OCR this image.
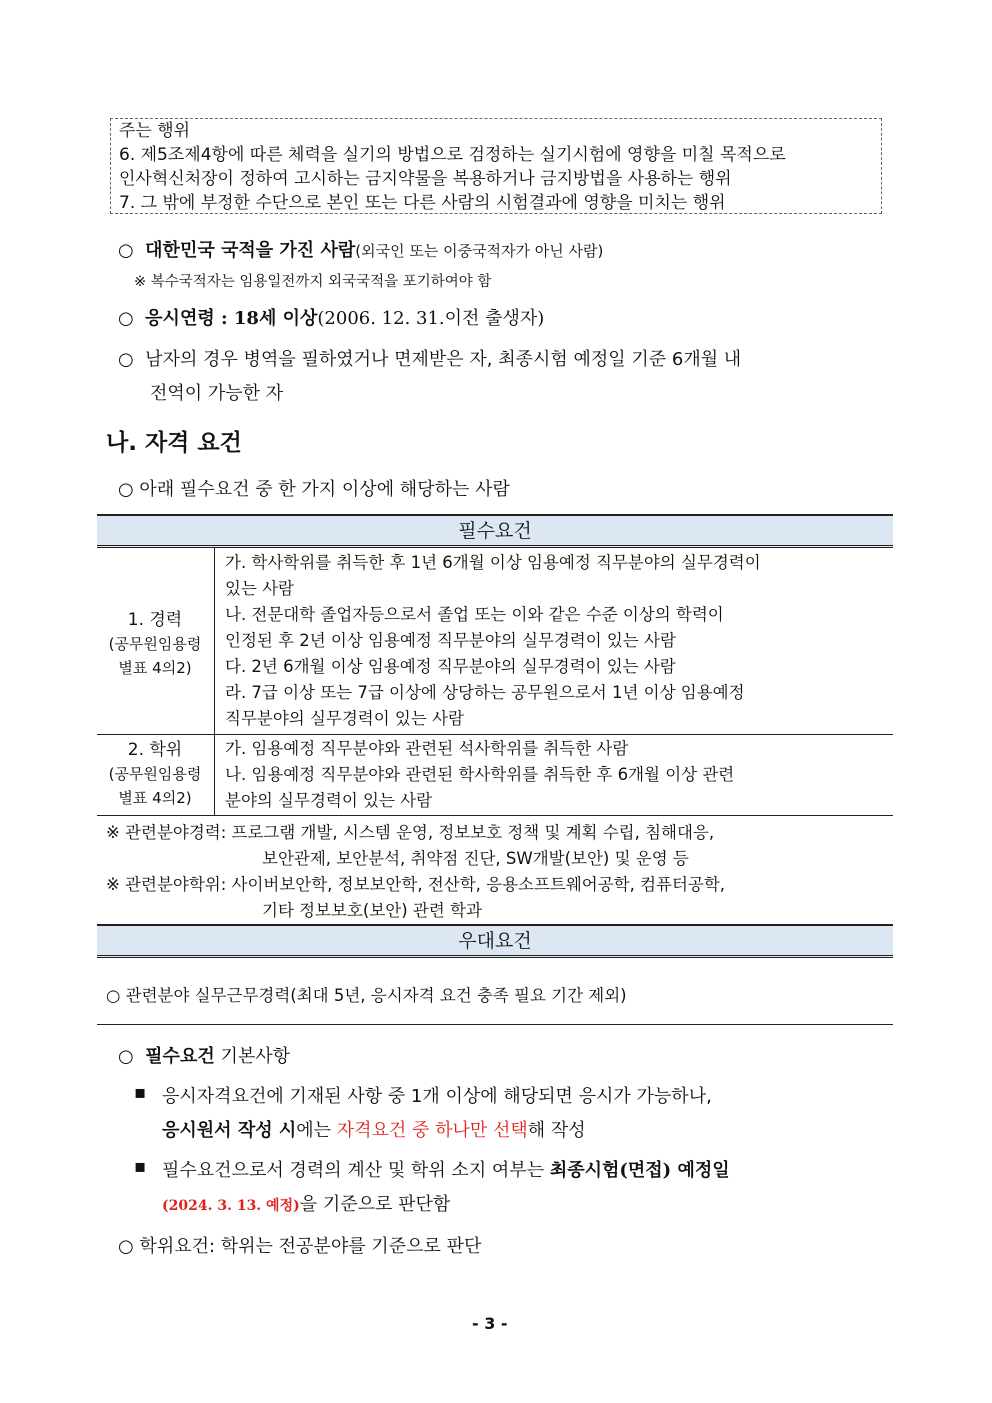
주는 행위
6. 제5조제4항에 따른 체력을 실기의 방법으로 검정하는 실기시험에 영향을 미칠 목적으로
인사혁신처장이 정하여 고시하는 금지약물을 복용하거나 금지방법을 사용하는 행위
7. 그 밖에 부정한 수단으로 본인 또는 다른 사람의 시험결과에 영향을 미치는 행위
○ 대한민국 국적을 가진 사람(외국인 또는 이중국적자가 아닌 사람)
※ 복수국적자는 임용일전까지 외국국적을 포기하여야 함
○ 응시연령 : 18세 이상(2006. 12. 31.이전 출생자)
○ 남자의 경우 병역을 필하였거나 면제받은 자, 최종시험 예정일 기준 6개월 내
전역이 가능한 자
나. 자격 요건
○ 아래 필수요건 중 한 가지 이상에 해당하는 사람
필수요건
1. 경력
(공무원임용령
별표 4의2)
가. 학사학위를 취득한 후 1년 6개월 이상 임용예정 직무분야의 실무경력이
있는 사람
나. 전문대학 졸업자등으로서 졸업 또는 이와 같은 수준 이상의 학력이
인정된 후 2년 이상 임용예정 직무분야의 실무경력이 있는 사람
다. 2년 6개월 이상 임용예정 직무분야의 실무경력이 있는 사람
라. 7급 이상 또는 7급 이상에 상당하는 공무원으로서 1년 이상 임용예정
직무분야의 실무경력이 있는 사람
2. 학위
(공무원임용령
별표 4의2)
가. 임용예정 직무분야와 관련된 석사학위를 취득한 사람
나. 임용예정 직무분야와 관련된 학사학위를 취득한 후 6개월 이상 관련
분야의 실무경력이 있는 사람
※ 관련분야경력: 프로그램 개발, 시스템 운영, 정보보호 정책 및 계획 수립, 침해대응,
보안관제, 보안분석, 취약점 진단, SW개발(보안) 및 운영 등
※ 관련분야학위: 사이버보안학, 정보보안학, 전산학, 응용소프트웨어공학, 컴퓨터공학,
기타 정보보호(보안) 관련 학과
우대요건
○ 관련분야 실무근무경력(최대 5년, 응시자격 요건 충족 필요 기간 제외)
○ 필수요건 기본사항
▪ 응시자격요건에 기재된 사항 중 1개 이상에 해당되면 응시가 가능하나,
응시원서 작성 시에는 자격요건 중 하나만 선택해 작성
▪ 필수요건으로서 경력의 계산 및 학위 소지 여부는 최종시험(면접) 예정일
(2024. 3. 13. 예정)을 기준으로 판단함
○ 학위요건: 학위는 전공분야를 기준으로 판단
- 3 -
